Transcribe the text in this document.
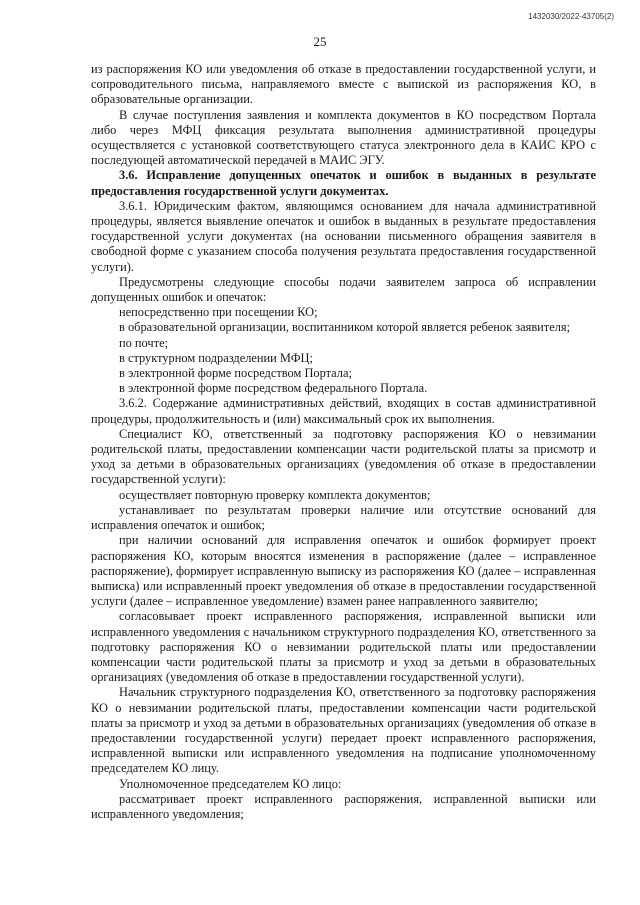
1432030/2022-43705(2)
25

из распоряжения КО или уведомления об отказе в предоставлении государственной услуги, и сопроводительного письма, направляемого вместе с выпиской из распоряжения КО, в образовательные организации.

В случае поступления заявления и комплекта документов в КО посредством Портала либо через МФЦ фиксация результата выполнения административной процедуры осуществляется с установкой соответствующего статуса электронного дела в КАИС КРО с последующей автоматической передачей в МАИС ЭГУ.

3.6. Исправление допущенных опечаток и ошибок в выданных в результате предоставления государственной услуги документах.

3.6.1. Юридическим фактом, являющимся основанием для начала административной процедуры, является выявление опечаток и ошибок в выданных в результате предоставления государственной услуги документах (на основании письменного обращения заявителя в свободной форме с указанием способа получения результата предоставления государственной услуги).

Предусмотрены следующие способы подачи заявителем запроса об исправлении допущенных ошибок и опечаток:

непосредственно при посещении КО;

в образовательной организации, воспитанником которой является ребенок заявителя;

по почте;

в структурном подразделении МФЦ;

в электронной форме посредством Портала;

в электронной форме посредством федерального Портала.

3.6.2. Содержание административных действий, входящих в состав административной процедуры, продолжительность и (или) максимальный срок их выполнения.

Специалист КО, ответственный за подготовку распоряжения КО о невзимании родительской платы, предоставлении компенсации части родительской платы за присмотр и уход за детьми в образовательных организациях (уведомления об отказе в предоставлении государственной услуги):

осуществляет повторную проверку комплекта документов;

устанавливает по результатам проверки наличие или отсутствие оснований для исправления опечаток и ошибок;

при наличии оснований для исправления опечаток и ошибок формирует проект распоряжения КО, которым вносятся изменения в распоряжение (далее – исправленное распоряжение), формирует исправленную выписку из распоряжения КО (далее – исправленная выписка) или исправленный проект уведомления об отказе в предоставлении государственной услуги (далее – исправленное уведомление) взамен ранее направленного заявителю;

согласовывает проект исправленного распоряжения, исправленной выписки или исправленного уведомления с начальником структурного подразделения КО, ответственного за подготовку распоряжения КО о невзимании родительской платы или предоставлении компенсации части родительской платы за присмотр и уход за детьми в образовательных организациях (уведомления об отказе в предоставлении государственной услуги).

Начальник структурного подразделения КО, ответственного за подготовку распоряжения КО о невзимании родительской платы, предоставлении компенсации части родительской платы за присмотр и уход за детьми в образовательных организациях (уведомления об отказе в предоставлении государственной услуги) передает проект исправленного распоряжения, исправленной выписки или исправленного уведомления на подписание уполномоченному председателем КО лицу.

Уполномоченное председателем КО лицо:

рассматривает проект исправленного распоряжения, исправленной выписки или исправленного уведомления;
